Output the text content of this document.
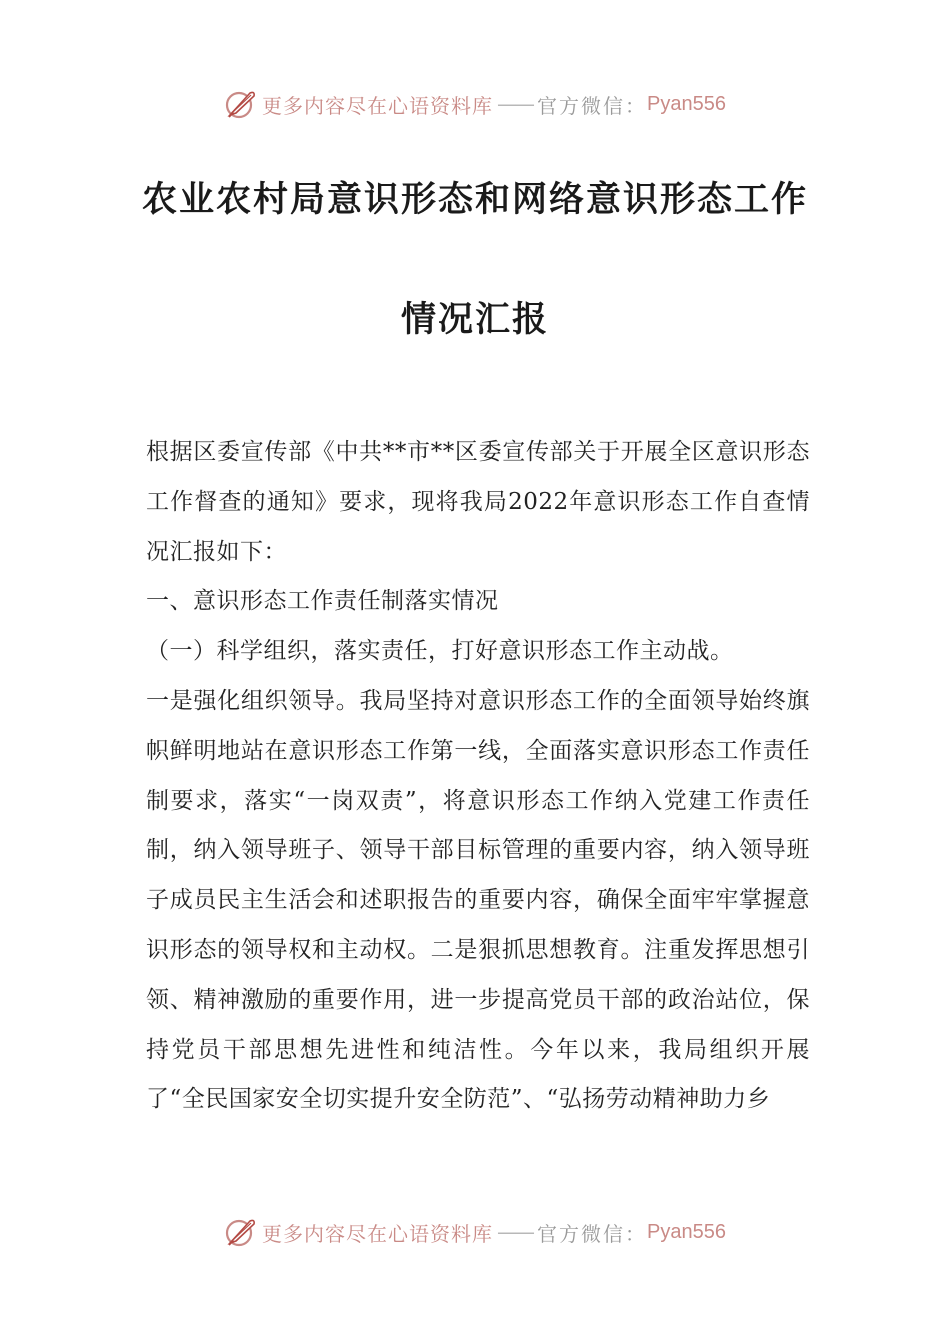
更多内容尽在心语资料库 —— 官方微信： Pyan556
农业农村局意识形态和网络意识形态工作
情况汇报

根据区委宣传部《中共**市**区委宣传部关于开展全区意识形态工作督查的通知》要求，现将我局2022年意识形态工作自查情况汇报如下：

一、意识形态工作责任制落实情况

（一）科学组织，落实责任，打好意识形态工作主动战。

一是强化组织领导。我局坚持对意识形态工作的全面领导始终旗帜鲜明地站在意识形态工作第一线，全面落实意识形态工作责任制要求，落实“一岗双责”，将意识形态工作纳入党建工作责任制，纳入领导班子、领导干部目标管理的重要内容，纳入领导班子成员民主生活会和述职报告的重要内容，确保全面牢牢掌握意识形态的领导权和主动权。二是狠抓思想教育。注重发挥思想引领、精神激励的重要作用，进一步提高党员干部的政治站位，保持党员干部思想先进性和纯洁性。今年以来，我局组织开展了“全民国家安全切实提升安全防范”、“弘扬劳动精神助力乡

更多内容尽在心语资料库 —— 官方微信： Pyan556
